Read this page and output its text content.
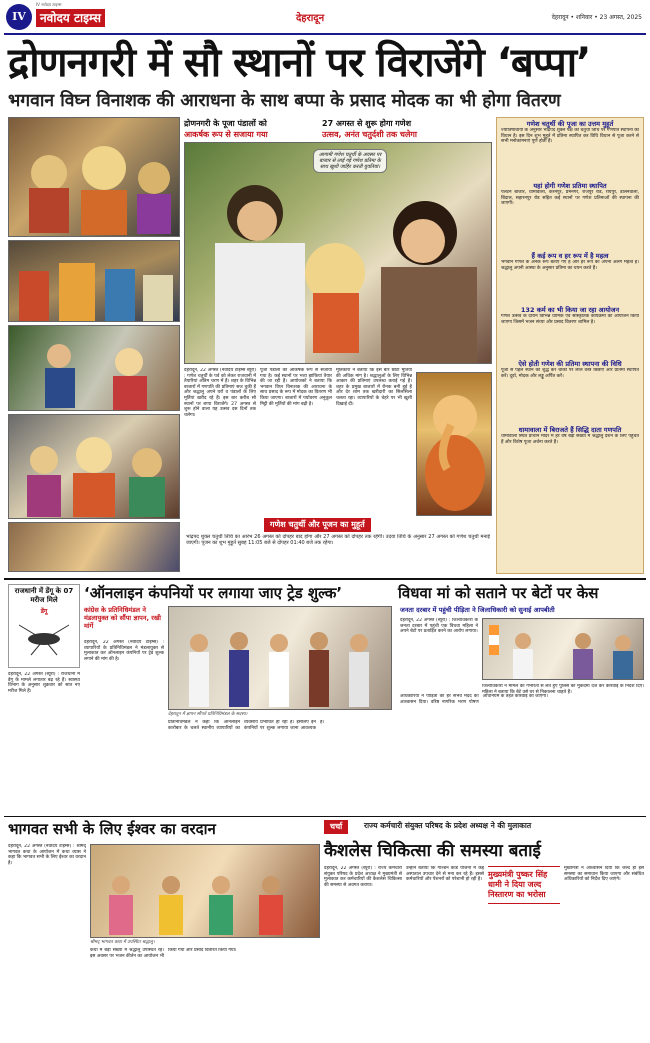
IV
IV नवोदय टाइम्स
नवोदय टाइम्स	देहरादून	देहरादून • शनिवार • 23 अगस्त, 2025
द्रोणनगरी में सौ स्थानों पर विराजेंगे ‘बप्पा’
भगवान विघ्न विनाशक की आराधना के साथ बप्पा के प्रसाद मोदक का भी होगा वितरण
द्रोणनगरी के पूजा पंडालों को
आकर्षक रूप से सजाया गया
27 अगस्त से शुरू होगा गणेश
उत्सव, अनंत चतुर्दशी तक चलेगा
आगामी गणेश चतुर्थी के अवसर पर बाजार से लाई गई गणेश प्रतिमा के साथ खुशी जाहिर करती युवतियां।
देहरादून, 22 अगस्त (नवोदय टाइम्स ब्यूरो) : गणेश चतुर्थी के पर्व को लेकर राजधानी में तैयारियां अंतिम चरण में हैं। शहर के विभिन्न बाजारों में गणपति की प्रतिमाएं सज चुकी हैं और श्रद्धालु अपने घरों व पंडालों के लिए मूर्तियां खरीद रहे हैं। इस बार करीब सौ स्थानों पर बप्पा विराजेंगे। 27 अगस्त से शुरू होने वाला यह उत्सव दस दिनों तक चलेगा।
पूजा पंडालों को आकर्षक रूप से सजाया गया है। कई स्थानों पर भव्य झांकियां तैयार की जा रही हैं। आयोजकों ने बताया कि भगवान विघ्न विनाशक की आराधना के साथ प्रसाद के रूप में मोदक का वितरण भी किया जाएगा। बाजारों में पर्यावरण अनुकूल मिट्टी की मूर्तियों की मांग बढ़ी है।
मूर्तिकारों ने बताया कि इस बार छोटी मूर्तियों की अधिक मांग है। श्रद्धालुओं के लिए विभिन्न आकार की प्रतिमाएं उपलब्ध कराई गई हैं। शहर के प्रमुख बाजारों में रौनक बनी हुई है और देर शाम तक खरीदारी का सिलसिला चलता रहा। व्यापारियों के चेहरे पर भी खुशी दिखाई दी।
गणेश चतुर्थी और पूजन का मुहूर्त
भाद्रपद शुक्ल चतुर्थी तिथि का आरंभ 26 अगस्त को दोपहर बाद होगा और 27 अगस्त को दोपहर तक रहेगी। उदया तिथि के अनुसार 27 अगस्त को गणेश चतुर्थी मनाई जाएगी। पूजन का शुभ मुहूर्त सुबह 11:05 बजे से दोपहर 01:40 बजे तक रहेगा।
गणेश चतुर्थी की पूजा का उत्तम मुहूर्त
ज्योतिषाचार्यों के अनुसार भाद्रपद शुक्ल पक्ष की चतुर्थी तिथि पर गणपति स्थापना का विधान है। इस दिन शुभ मुहूर्त में प्रतिमा स्थापित कर विधि विधान से पूजा करने से सभी मनोकामनाएं पूर्ण होती हैं।
यहां होगी गणेश प्रतिमा स्थापित
पलटन बाजार, धामावाला, करनपुर, प्रेमनगर, राजपुर रोड, रायपुर, डालनवाला, बिंदाल, सहारनपुर रोड सहित कई स्थानों पर गणेश प्रतिमाओं की स्थापना की जाएगी।
हैं कई रूप व हर रूप में है महत्व
भगवान गणेश के अनेक रूप बताए गए हैं और हर रूप का अपना अलग महत्व है। श्रद्धालु अपनी आस्था के अनुसार प्रतिमा का चयन करते हैं।
132 कर्म का भी किया जा रहा आयोजन
गणेश उत्सव के दौरान विभिन्न धार्मिक एवं सांस्कृतिक कार्यक्रमों का आयोजन किया जाएगा जिसमें भजन संध्या और प्रसाद वितरण शामिल है।
ऐसे होती गणेश की प्रतिमा स्थापना की विधि
पूजा से पहले स्थान को शुद्ध कर चौकी पर लाल वस्त्र बिछाएं और प्रतिमा स्थापित करें। दूर्वा, मोदक और लड्डू अर्पित करें।
धामावाला में बिराजते हैं सिद्धि दाता गणपति
धामावाला स्थित प्राचीन मंदिर में हर वर्ष बड़ी संख्या में श्रद्धालु दर्शन के लिए पहुंचते हैं और विशेष पूजा अर्चना करते हैं।
राजधानी में डेंगू के 07 मरीज मिले
डेंगू
देहरादून, 22 अगस्त (ब्यूरो) : राजधानी में डेंगू के मामले लगातार बढ़ रहे हैं। स्वास्थ्य विभाग के अनुसार शुक्रवार को सात नए मरीज मिले हैं।
‘ऑनलाइन कंपनियों पर लगाया जाए ट्रेड शुल्क’
कांग्रेस के प्रतिनिधिमंडल ने मंडलायुक्त को सौंपा ज्ञापन, रखी मांगें
देहरादून, 22 अगस्त (नवोदय टाइम्स) : व्यापारियों के प्रतिनिधिमंडल ने मंडलायुक्त से मुलाकात कर ऑनलाइन कंपनियों पर ट्रेड शुल्क लगाने की मांग की है।
देहरादून में ज्ञापन सौंपते प्रतिनिधिमंडल के सदस्य।
प्रतिनिधिमंडल ने कहा कि ऑनलाइन कारोबार के चलते स्थानीय व्यापारियों का व्यवसाय प्रभावित हो रहा है। इसलिए इन कंपनियों पर शुल्क लगाया जाना आवश्यक है।
विधवा मां को सताने पर बेटों पर केस
जनता दरबार में पहुंची पीड़िता ने जिलाधिकारी को सुनाई आपबीती
देहरादून, 22 अगस्त (ब्यूरो) : जिलाधिकारी के जनता दरबार में पहुंची एक विधवा महिला ने अपने बेटों पर प्रताड़ित करने का आरोप लगाया।
जिलाधिकारी ने मामले को गंभीरता से लेते हुए पुलिस को मुकदमा दर्ज कर कार्रवाई के निर्देश दिए। महिला ने बताया कि बेटे उसे घर से निकालना चाहते हैं।
अधिकारियों ने पीड़िता को हर संभव मदद का आश्वासन दिया। वरिष्ठ नागरिक भरण पोषण अधिनियम के तहत कार्रवाई की जाएगी।
भागवत सभी के लिए ईश्वर का वरदान
देहरादून, 22 अगस्त (नवोदय टाइम्स) : श्रीमद् भागवत कथा के आयोजन में कथा व्यास ने कहा कि भागवत सभी के लिए ईश्वर का वरदान है।
श्रीमद् भागवत कथा में उपस्थित श्रद्धालु।
कथा में बड़ी संख्या में श्रद्धालु उपस्थित रहे। इस अवसर पर भजन कीर्तन का आयोजन भी किया गया और प्रसाद वितरित किया गया।
चर्चा	राज्य कर्मचारी संयुक्त परिषद के प्रदेश अध्यक्ष ने की मुलाकात
कैशलेस चिकित्सा की समस्या बताई
देहरादून, 22 अगस्त (ब्यूरो) : राज्य कर्मचारी संयुक्त परिषद के प्रदेश अध्यक्ष ने मुख्यमंत्री से मुलाकात कर कर्मचारियों की कैशलेस चिकित्सा की समस्या से अवगत कराया।
उन्होंने बताया कि गोल्डन कार्ड योजना में कई अस्पताल उपचार देने से मना कर रहे हैं। इससे कर्मचारियों और पेंशनरों को परेशानी हो रही है।
मुख्यमंत्री पुष्कर सिंह धामी ने दिया जल्द निस्तारण का भरोसा
मुख्यमंत्री ने आश्वासन दिया कि जल्द ही इस समस्या का समाधान किया जाएगा और संबंधित अधिकारियों को निर्देश दिए जाएंगे।
